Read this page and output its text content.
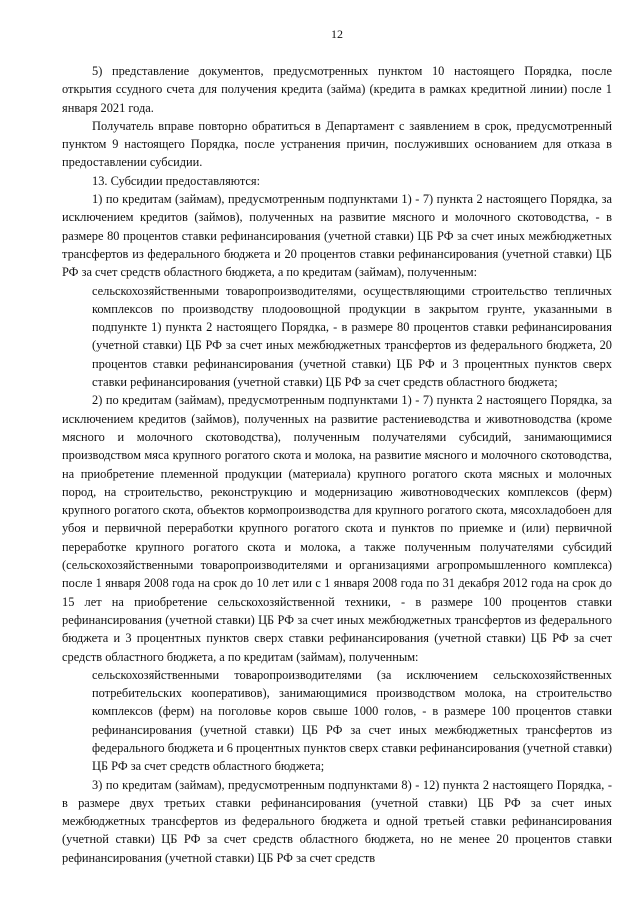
12

5) представление документов, предусмотренных пунктом 10 настоящего Порядка, после открытия ссудного счета для получения кредита (займа) (кредита в рамках кредитной линии) после 1 января 2021 года.

Получатель вправе повторно обратиться в Департамент с заявлением в срок, предусмотренный пунктом 9 настоящего Порядка, после устранения причин, послуживших основанием для отказа в предоставлении субсидии.

13. Субсидии предоставляются:

1) по кредитам (займам), предусмотренным подпунктами 1) - 7) пункта 2 настоящего Порядка, за исключением кредитов (займов), полученных на развитие мясного и молочного скотоводства, - в размере 80 процентов ставки рефинансирования (учетной ставки) ЦБ РФ за счет иных межбюджетных трансфертов из федерального бюджета и 20 процентов ставки рефинансирования (учетной ставки) ЦБ РФ за счет средств областного бюджета, а по кредитам (займам), полученным:

сельскохозяйственными товаропроизводителями, осуществляющими строительство тепличных комплексов по производству плодоовощной продукции в закрытом грунте, указанными в подпункте 1) пункта 2 настоящего Порядка, - в размере 80 процентов ставки рефинансирования (учетной ставки) ЦБ РФ за счет иных межбюджетных трансфертов из федерального бюджета, 20 процентов ставки рефинансирования (учетной ставки) ЦБ РФ и 3 процентных пунктов сверх ставки рефинансирования (учетной ставки) ЦБ РФ за счет средств областного бюджета;

2) по кредитам (займам), предусмотренным подпунктами 1) - 7) пункта 2 настоящего Порядка, за исключением кредитов (займов), полученных на развитие растениеводства и животноводства (кроме мясного и молочного скотоводства), полученным получателями субсидий, занимающимися производством мяса крупного рогатого скота и молока, на развитие мясного и молочного скотоводства, на приобретение племенной продукции (материала) крупного рогатого скота мясных и молочных пород, на строительство, реконструкцию и модернизацию животноводческих комплексов (ферм) крупного рогатого скота, объектов кормопроизводства для крупного рогатого скота, мясохладобоен для убоя и первичной переработки крупного рогатого скота и пунктов по приемке и (или) первичной переработке крупного рогатого скота и молока, а также полученным получателями субсидий (сельскохозяйственными товаропроизводителями и организациями агропромышленного комплекса) после 1 января 2008 года на срок до 10 лет или с 1 января 2008 года по 31 декабря 2012 года на срок до 15 лет на приобретение сельскохозяйственной техники, - в размере 100 процентов ставки рефинансирования (учетной ставки) ЦБ РФ за счет иных межбюджетных трансфертов из федерального бюджета и 3 процентных пунктов сверх ставки рефинансирования (учетной ставки) ЦБ РФ за счет средств областного бюджета, а по кредитам (займам), полученным:

сельскохозяйственными товаропроизводителями (за исключением сельскохозяйственных потребительских кооперативов), занимающимися производством молока, на строительство комплексов (ферм) на поголовье коров свыше 1000 голов, - в размере 100 процентов ставки рефинансирования (учетной ставки) ЦБ РФ за счет иных межбюджетных трансфертов из федерального бюджета и 6 процентных пунктов сверх ставки рефинансирования (учетной ставки) ЦБ РФ за счет средств областного бюджета;

3) по кредитам (займам), предусмотренным подпунктами 8) - 12) пункта 2 настоящего Порядка, - в размере двух третьих ставки рефинансирования (учетной ставки) ЦБ РФ за счет иных межбюджетных трансфертов из федерального бюджета и одной третьей ставки рефинансирования (учетной ставки) ЦБ РФ за счет средств областного бюджета, но не менее 20 процентов ставки рефинансирования (учетной ставки) ЦБ РФ за счет средств
